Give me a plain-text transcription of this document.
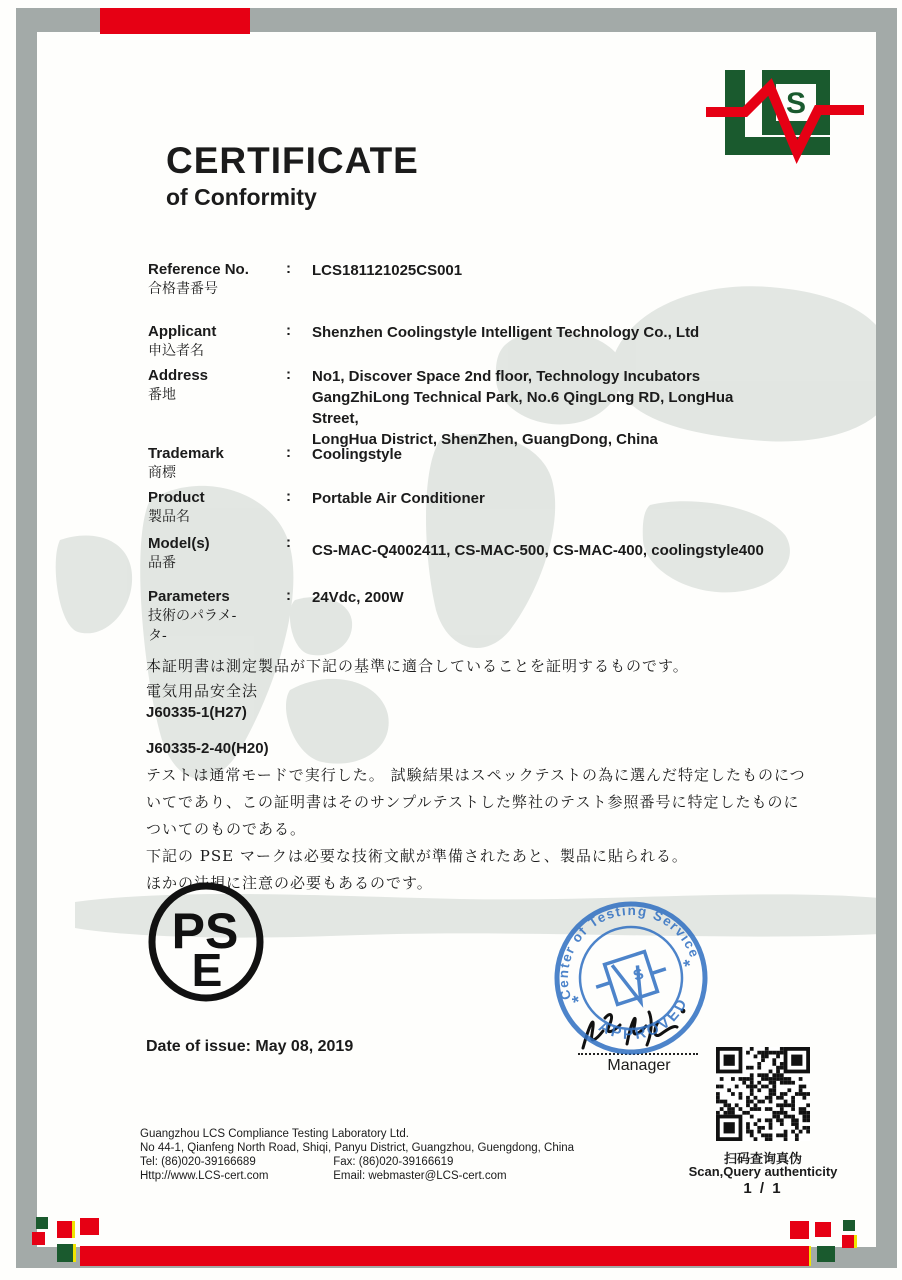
S
CERTIFICATE
of Conformity
Reference No.
合格書番号
:	LCS181121025CS001
Applicant
申込者名
:	Shenzhen Coolingstyle Intelligent Technology Co., Ltd
Address
番地
:	No1, Discover Space 2nd floor, Technology Incubators
GangZhiLong Technical Park, No.6 QingLong RD, LongHua Street,
LongHua District, ShenZhen, GuangDong, China
Trademark
商標
:	Coolingstyle
Product
製品名
:	Portable Air Conditioner
Model(s)
品番
:	CS-MAC-Q4002411, CS-MAC-500, CS-MAC-400, coolingstyle400
Parameters
技術のパラメ-
タ-
:	24Vdc, 200W
本証明書は測定製品が下記の基準に適合していることを証明するものです。
電気用品安全法
J60335-1(H27)
J60335-2-40(H20)
テストは通常モードで実行した。 試験結果はスペックテストの為に選んだ特定したものにつ
いてであり、この証明書はそのサンプルテストした弊社のテスト参照番号に特定したものに
ついてのものである。
下記の PSE マークは必要な技術文献が準備されたあと、製品に貼られる。
ほかの法規に注意の必要もあるのです。
PS
E
Date of issue: May 08, 2019
Manager
Center of Testing Service
APPROVED
*
*
S
扫码查询真伪
Scan,Query authenticity
1 / 1
Guangzhou LCS Compliance Testing Laboratory Ltd.
No 44-1, Qianfeng North Road, Shiqi, Panyu District, Guangzhou, Guengdong, China
Tel: (86)020-39166689	Fax: (86)020-39166619
Http://www.LCS-cert.com	Email: webmaster@LCS-cert.com
